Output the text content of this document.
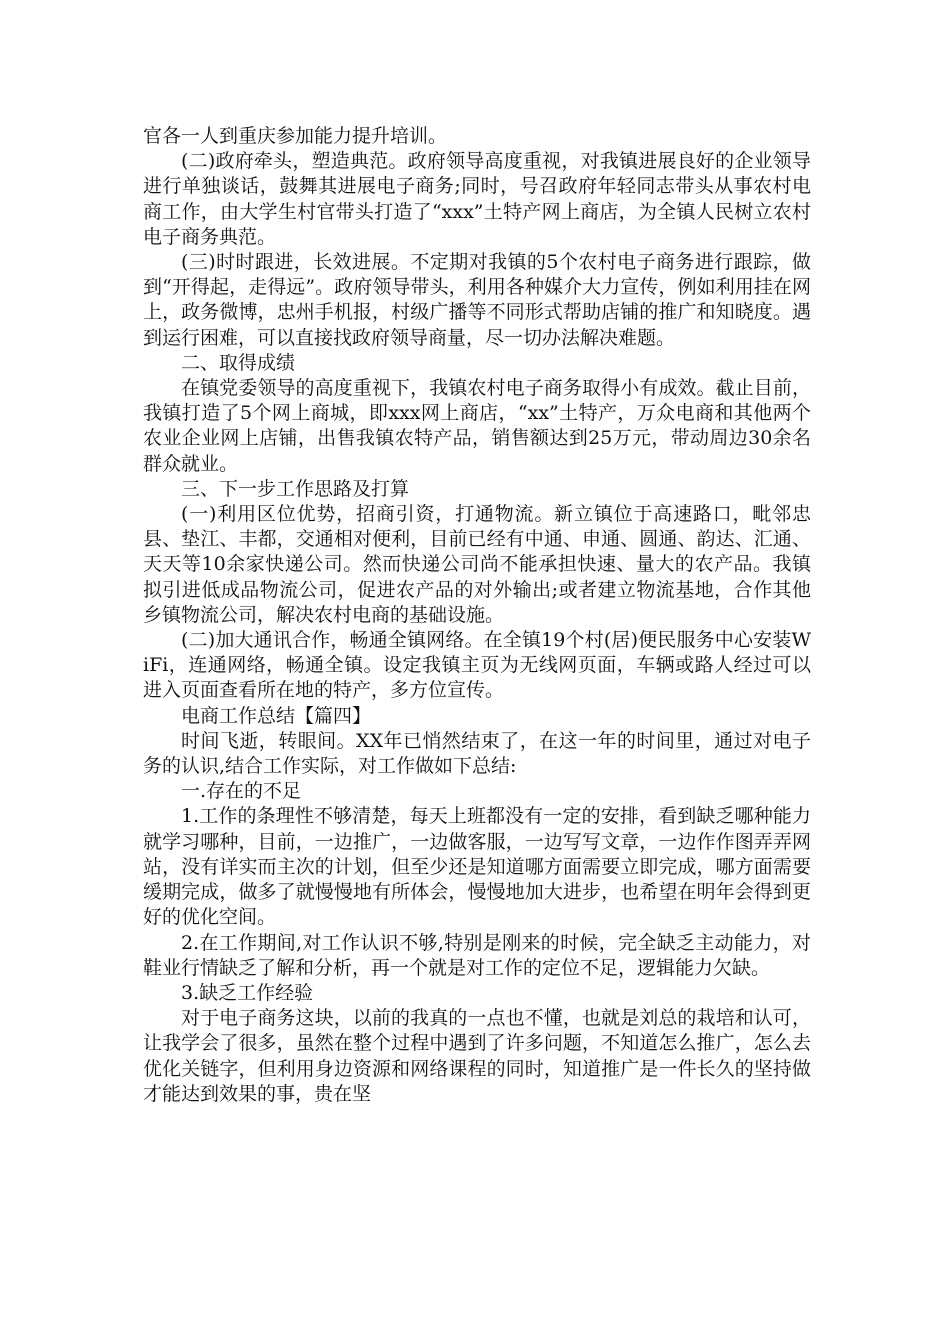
官各一人到重庆参加能力提升培训。

(二)政府牵头，塑造典范。政府领导高度重视，对我镇进展良好的企业领导进行单独谈话，鼓舞其进展电子商务;同时，号召政府年轻同志带头从事农村电商工作，由大学生村官带头打造了“xxx”土特产网上商店，为全镇人民树立农村电子商务典范。

(三)时时跟进，长效进展。不定期对我镇的5个农村电子商务进行跟踪，做到“开得起，走得远”。政府领导带头，利用各种媒介大力宣传，例如利用挂在网上，政务微博，忠州手机报，村级广播等不同形式帮助店铺的推广和知晓度。遇到运行困难，可以直接找政府领导商量，尽一切办法解决难题。

二、取得成绩

在镇党委领导的高度重视下，我镇农村电子商务取得小有成效。截止目前，我镇打造了5个网上商城，即xxx网上商店，“xx”土特产，万众电商和其他两个农业企业网上店铺，出售我镇农特产品，销售额达到25万元，带动周边30余名群众就业。

三、下一步工作思路及打算

(一)利用区位优势，招商引资，打通物流。新立镇位于高速路口，毗邻忠县、垫江、丰都，交通相对便利，目前已经有中通、申通、圆通、韵达、汇通、天天等10余家快递公司。然而快递公司尚不能承担快速、量大的农产品。我镇拟引进低成品物流公司，促进农产品的对外输出;或者建立物流基地，合作其他乡镇物流公司，解决农村电商的基础设施。

(二)加大通讯合作，畅通全镇网络。在全镇19个村(居)便民服务中心安装WiFi，连通网络，畅通全镇。设定我镇主页为无线网页面，车辆或路人经过可以进入页面查看所在地的特产，多方位宣传。

电商工作总结【篇四】

时间飞逝，转眼间。XX年已悄然结束了，在这一年的时间里，通过对电子务的认识,结合工作实际，对工作做如下总结:

一.存在的不足

1.工作的条理性不够清楚，每天上班都没有一定的安排，看到缺乏哪种能力就学习哪种，目前，一边推广，一边做客服，一边写写文章，一边作作图弄弄网站，没有详实而主次的计划，但至少还是知道哪方面需要立即完成，哪方面需要缓期完成，做多了就慢慢地有所体会，慢慢地加大进步，也希望在明年会得到更好的优化空间。

2.在工作期间,对工作认识不够,特别是刚来的时候，完全缺乏主动能力，对鞋业行情缺乏了解和分析，再一个就是对工作的定位不足，逻辑能力欠缺。

3.缺乏工作经验

对于电子商务这块，以前的我真的一点也不懂，也就是刘总的栽培和认可，让我学会了很多，虽然在整个过程中遇到了许多问题，不知道怎么推广，怎么去优化关链字，但利用身边资源和网络课程的同时，知道推广是一件长久的坚持做才能达到效果的事，贵在坚
